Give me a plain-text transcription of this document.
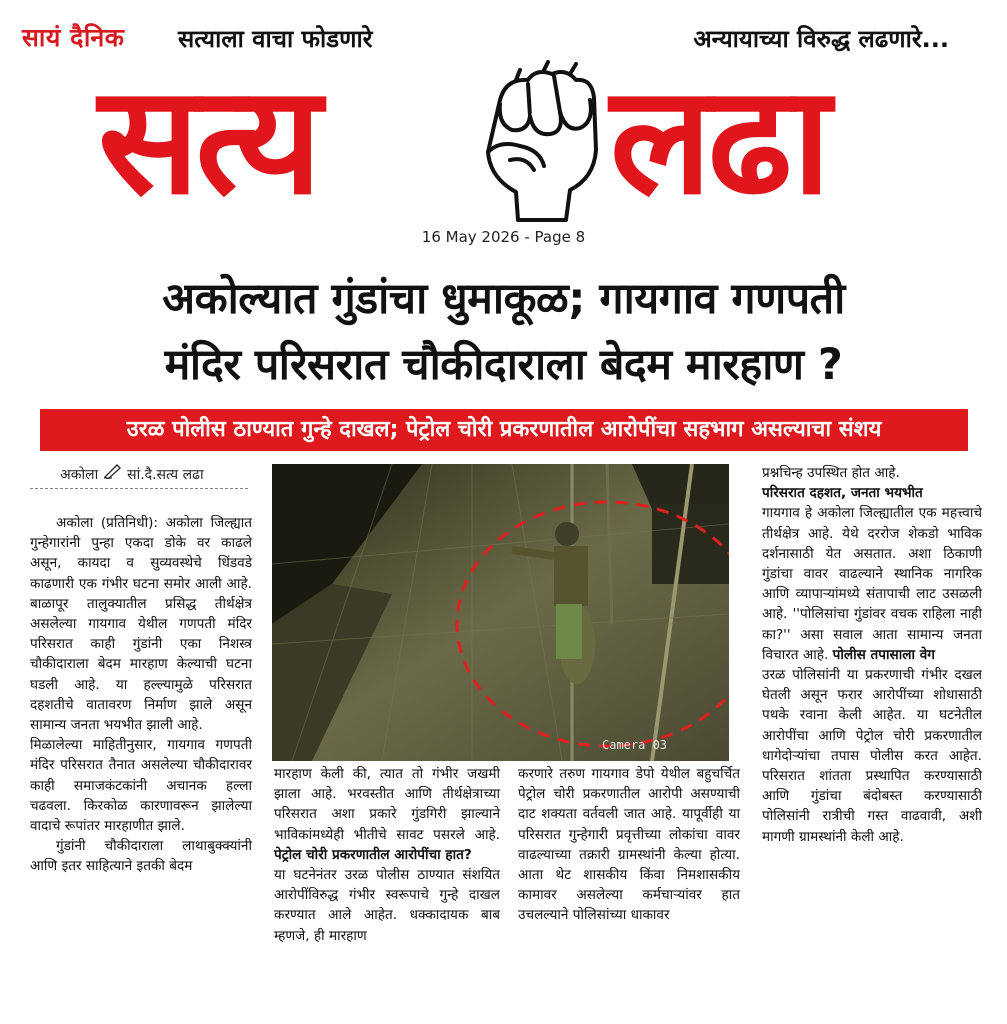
सायं दैनिक सत्याला वाचा फोडणारे	अन्यायाच्या विरुद्ध लढणारे...
सत्य लढा
16 May 2026 - Page 8
अकोल्यात गुंडांचा धुमाकूळ; गायगाव गणपती
मंदिर परिसरात चौकीदाराला बेदम मारहाण ?
उरळ पोलीस ठाण्यात गुन्हे दाखल; पेट्रोल चोरी प्रकरणातील आरोपींचा सहभाग असल्याचा संशय
अकोला सां.दै.सत्य लढा
Camera 03

अकोला (प्रतिनिधी): अकोला जिल्ह्यात गुन्हेगारांनी पुन्हा एकदा डोके वर काढले असून, कायदा व सुव्यवस्थेचे धिंडवडे काढणारी एक गंभीर घटना समोर आली आहे. बाळापूर तालुक्यातील प्रसिद्ध तीर्थक्षेत्र असलेल्या गायगाव येथील गणपती मंदिर परिसरात काही गुंडांनी एका निशस्त्र चौकीदाराला बेदम मारहाण केल्याची घटना घडली आहे. या हल्ल्यामुळे परिसरात दहशतीचे वातावरण निर्माण झाले असून सामान्य जनता भयभीत झाली आहे.

मिळालेल्या माहितीनुसार, गायगाव गणपती मंदिर परिसरात तैनात असलेल्या चौकीदारावर काही समाजकंटकांनी अचानक हल्ला चढवला. किरकोळ कारणावरून झालेल्या वादाचे रूपांतर मारहाणीत झाले.

गुंडांनी चौकीदाराला लाथाबुक्क्यांनी आणि इतर साहित्याने इतकी बेदम

मारहाण केली की, त्यात तो गंभीर जखमी झाला आहे. भरवस्तीत आणि तीर्थक्षेत्राच्या परिसरात अशा प्रकारे गुंडगिरी झाल्याने भाविकांमध्येही भीतीचे सावट पसरले आहे. पेट्रोल चोरी प्रकरणातील आरोपींचा हात?

या घटनेनंतर उरळ पोलीस ठाण्यात संशयित आरोपींविरुद्ध गंभीर स्वरूपाचे गुन्हे दाखल करण्यात आले आहेत. धक्कादायक बाब म्हणजे, ही मारहाण

करणारे तरुण गायगाव डेपो येथील बहुचर्चित पेट्रोल चोरी प्रकरणातील आरोपी असण्याची दाट शक्यता वर्तवली जात आहे. यापूर्वीही या परिसरात गुन्हेगारी प्रवृत्तीच्या लोकांचा वावर वाढल्याच्या तक्रारी ग्रामस्थांनी केल्या होत्या. आता थेट शासकीय किंवा निमशासकीय कामावर असलेल्या कर्मचाऱ्यांवर हात उचलल्याने पोलिसांच्या धाकावर

प्रश्नचिन्ह उपस्थित होत आहे.

परिसरात दहशत, जनता भयभीत

गायगाव हे अकोला जिल्ह्यातील एक महत्त्वाचे तीर्थक्षेत्र आहे. येथे दररोज शेकडो भाविक दर्शनासाठी येत असतात. अशा ठिकाणी गुंडांचा वावर वाढल्याने स्थानिक नागरिक आणि व्यापाऱ्यांमध्ये संतापाची लाट उसळली आहे. ''पोलिसांचा गुंडांवर वचक राहिला नाही का?'' असा सवाल आता सामान्य जनता विचारत आहे. पोलीस तपासाला वेग

उरळ पोलिसांनी या प्रकरणाची गंभीर दखल घेतली असून फरार आरोपींच्या शोधासाठी पथके रवाना केली आहेत. या घटनेतील आरोपींचा आणि पेट्रोल चोरी प्रकरणातील धागेदोऱ्यांचा तपास पोलीस करत आहेत. परिसरात शांतता प्रस्थापित करण्यासाठी आणि गुंडांचा बंदोबस्त करण्यासाठी पोलिसांनी रात्रीची गस्त वाढवावी, अशी मागणी ग्रामस्थांनी केली आहे.
